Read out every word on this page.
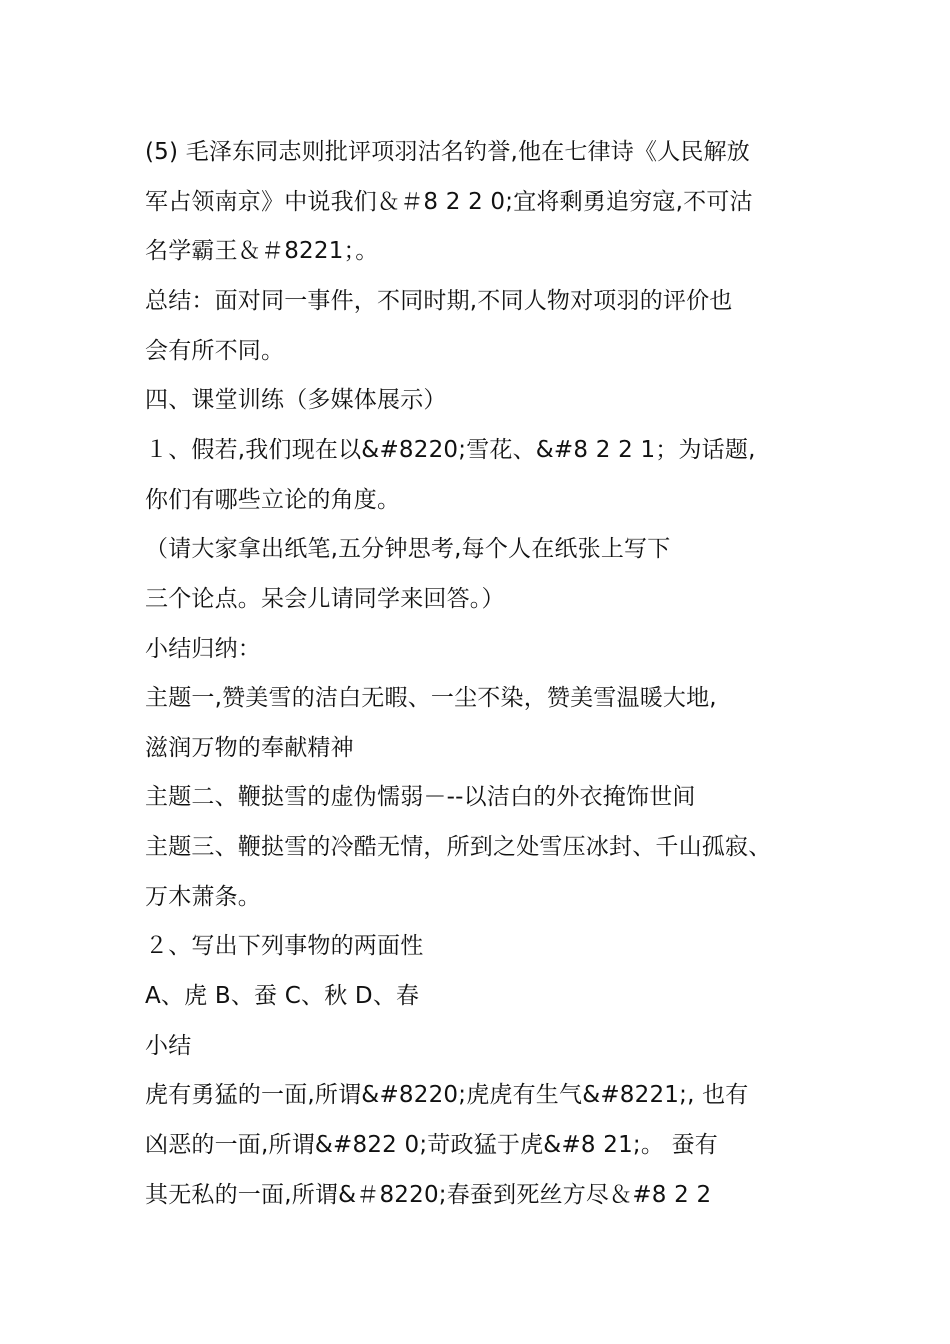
(5) 毛泽东同志则批评项羽沽名钓誉,他在七律诗《人民解放
军占领南京》中说我们＆＃8 2 2 0;宜将剩勇追穷寇,不可沽
名学霸王＆＃8221；。
总结：面对同一事件，不同时期,不同人物对项羽的评价也
会有所不同。
四、课堂训练（多媒体展示）
１、假若,我们现在以&#8220;雪花、&#8 2 2 1；为话题,
你们有哪些立论的角度。
（请大家拿出纸笔,五分钟思考,每个人在纸张上写下
三个论点。呆会儿请同学来回答。）
小结归纳：
主题一,赞美雪的洁白无暇、一尘不染，赞美雪温暖大地,
滋润万物的奉献精神
主题二、鞭挞雪的虚伪懦弱－--以洁白的外衣掩饰世间
主题三、鞭挞雪的冷酷无情，所到之处雪压冰封、千山孤寂、
万木萧条。
２、写出下列事物的两面性
A、虎 B、蚕 C、秋 D、春
小结
虎有勇猛的一面,所谓&#8220;虎虎有生气&#8221;, 也有
凶恶的一面,所谓&#822 0;苛政猛于虎&#8 21;。 蚕有
其无私的一面,所谓&＃8220;春蚕到死丝方尽＆#8 2 2
